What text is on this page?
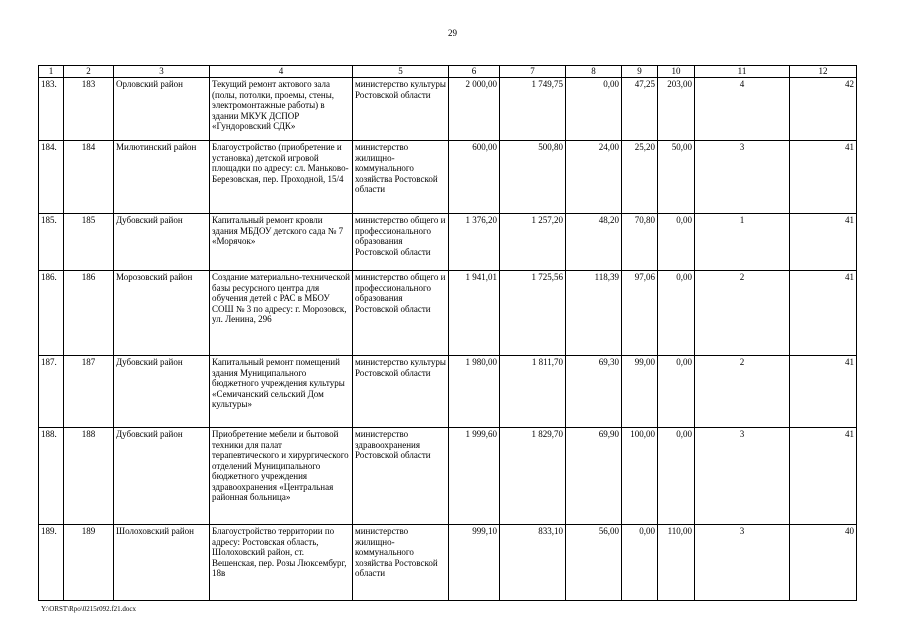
29
1	2	3	4	5	6	7	8	9	10	11	12
183.	183	Орловский район	Текущий ремонт актового зала (полы, потолки, проемы, стены, электромонтажные работы) в здании МКУК ДСПОР «Гундоровский СДК»	министерство культуры Ростовской области	2 000,00	1 749,75	0,00	47,25	203,00	4	42
184.	184	Милютинский район	Благоустройство (приобретение и установка) детской игровой площадки по адресу: сл. Маньково-Березовская, пер. Проходной, 15/4	министерство жилищно-коммунального хозяйства Ростовской области	600,00	500,80	24,00	25,20	50,00	3	41
185.	185	Дубовский район	Капитальный ремонт кровли здания МБДОУ детского сада № 7 «Морячок»	министерство общего и профессионального образования Ростовской области	1 376,20	1 257,20	48,20	70,80	0,00	1	41
186.	186	Морозовский район	Создание материально-технической базы ресурсного центра для обучения детей с РАС в МБОУ СОШ № 3 по адресу: г. Морозовск, ул. Ленина, 296	министерство общего и профессионального образования Ростовской области	1 941,01	1 725,56	118,39	97,06	0,00	2	41
187.	187	Дубовский район	Капитальный ремонт помещений здания Муниципального бюджетного учреждения культуры «Семичанский сельский Дом культуры»	министерство культуры Ростовской области	1 980,00	1 811,70	69,30	99,00	0,00	2	41
188.	188	Дубовский район	Приобретение мебели и бытовой техники для палат терапевтического и хирургического отделений Муниципального бюджетного учреждения здравоохранения «Центральная районная больница»	министерство здравоохранения Ростовской области	1 999,60	1 829,70	69,90	100,00	0,00	3	41
189.	189	Шолоховский район	Благоустройство территории по адресу: Ростовская область, Шолоховский район, ст. Вешенская, пер. Розы Люксембург, 18в	министерство жилищно-коммунального хозяйства Ростовской области	999,10	833,10	56,00	0,00	110,00	3	40
Y:\ORST\Rpo\0215r092.f21.docx
